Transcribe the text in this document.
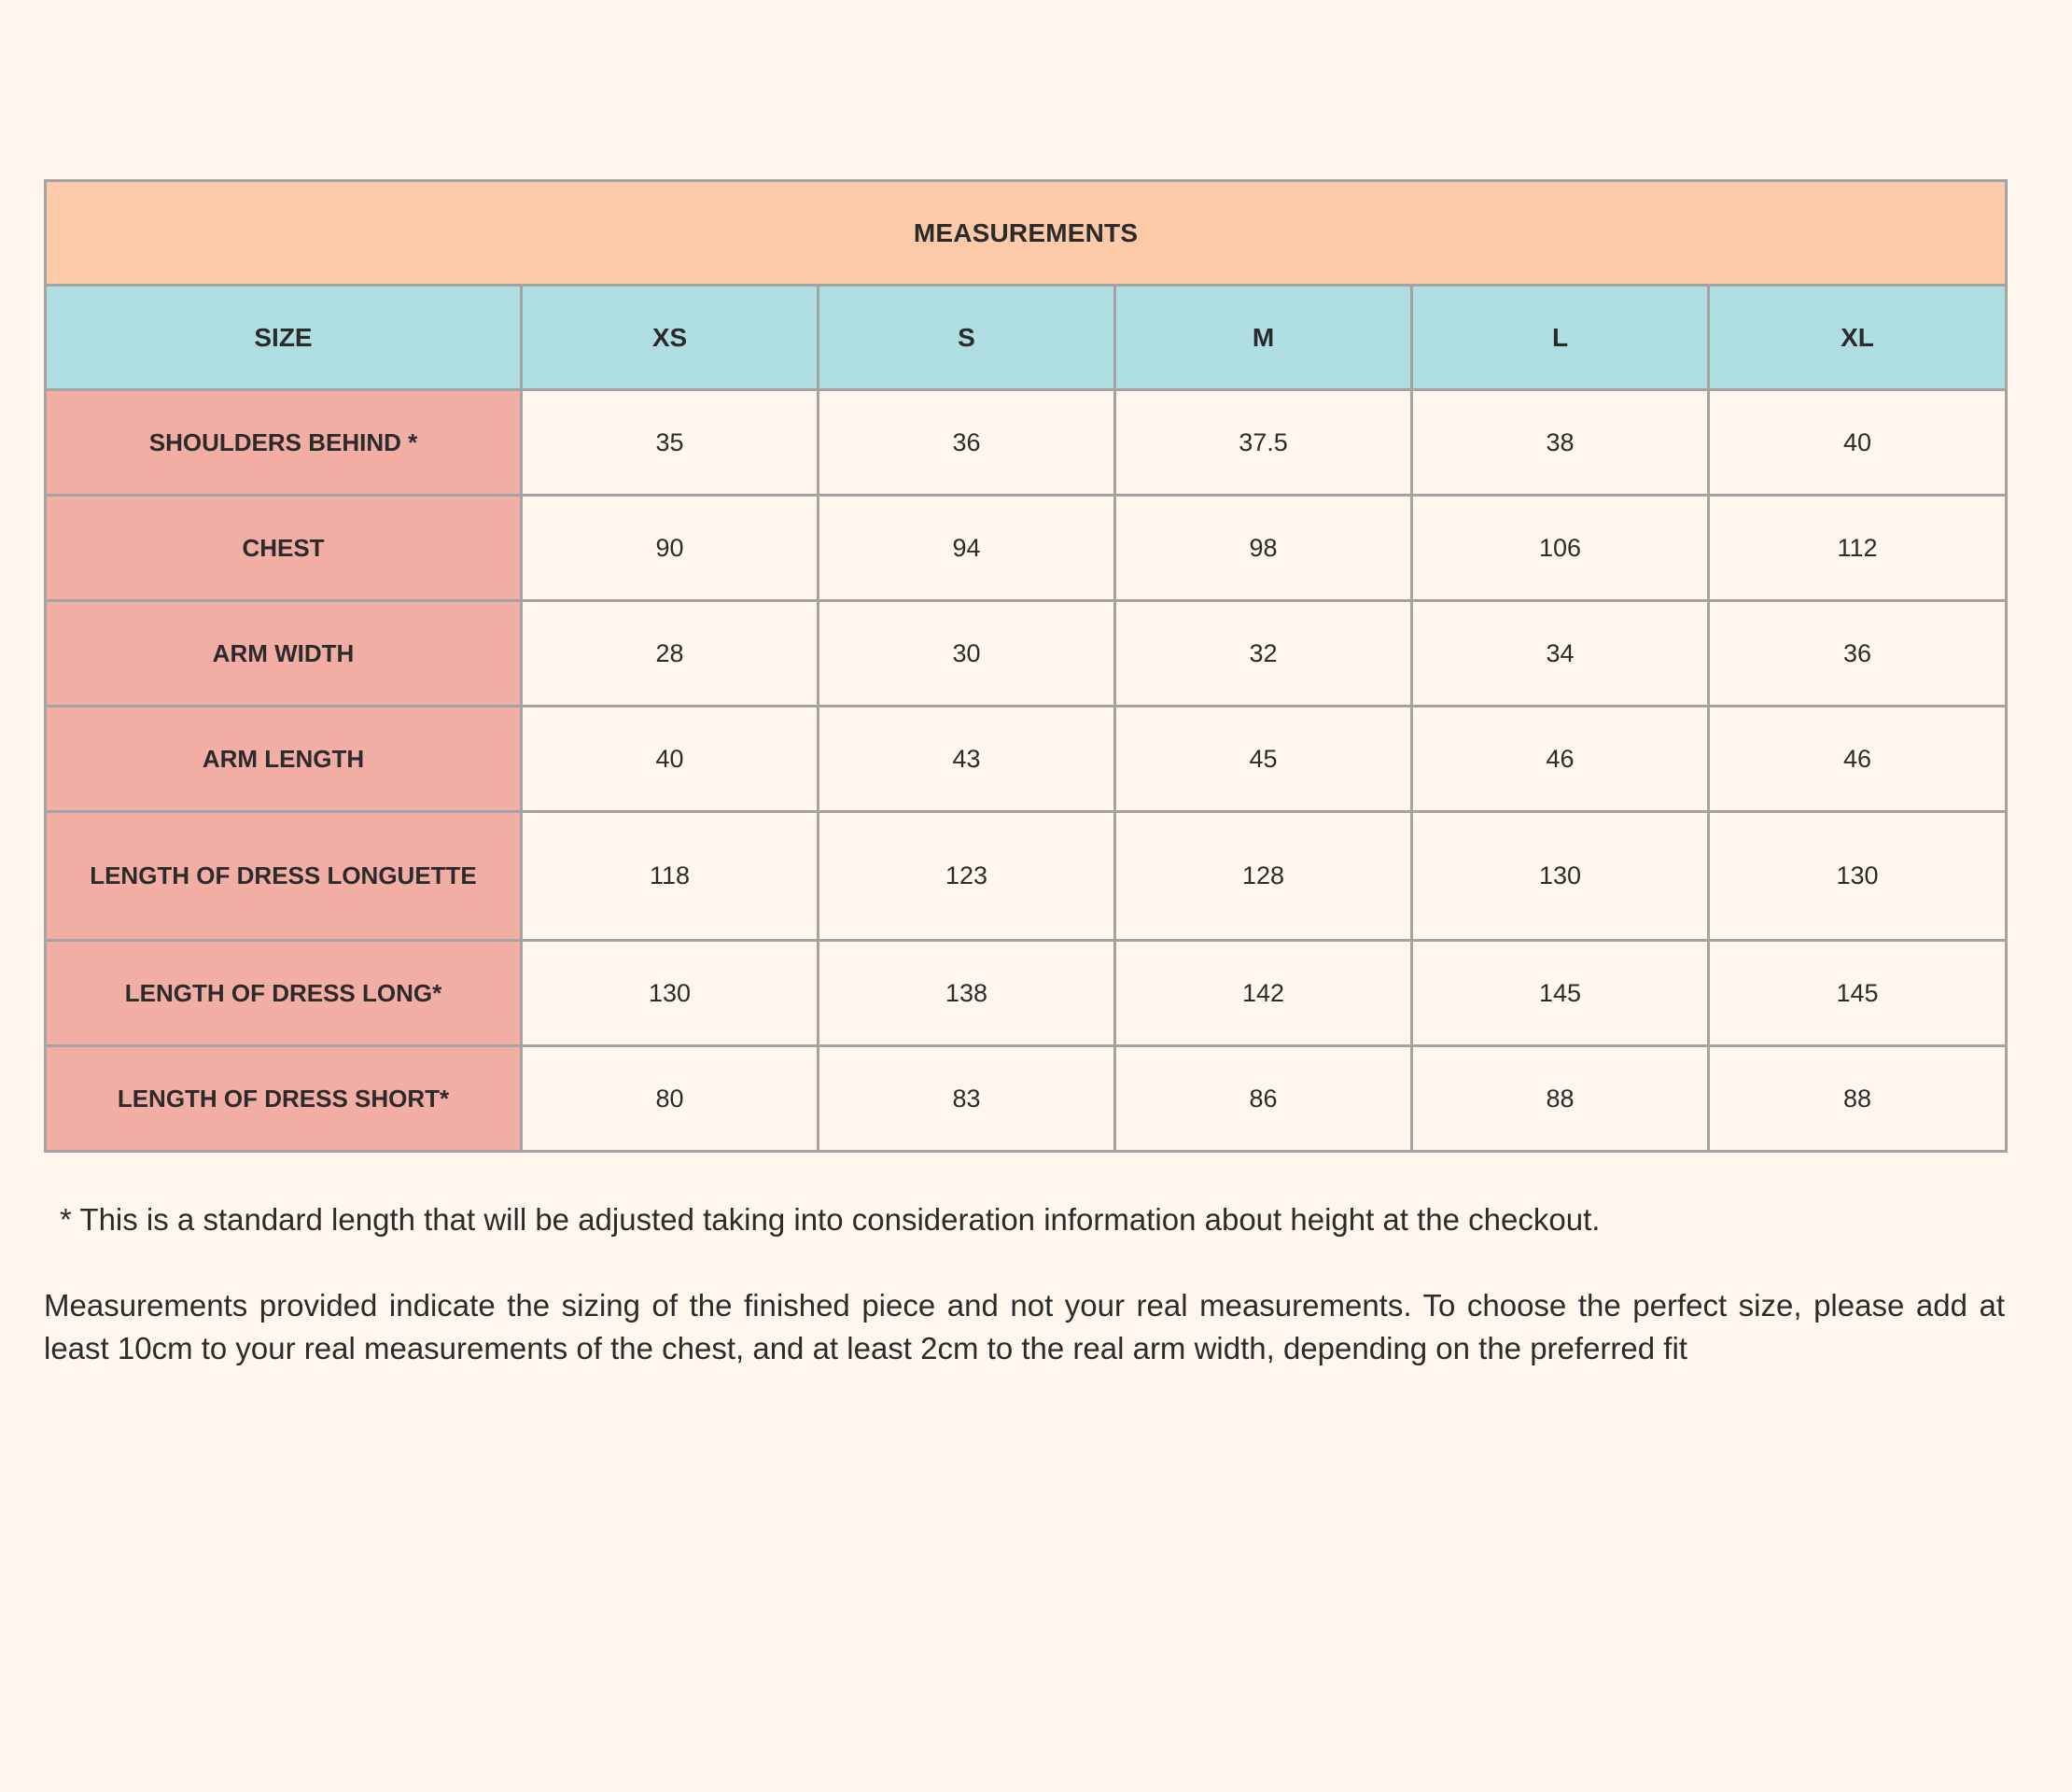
MEASUREMENTS					
SIZE	XS	S	M	L	XL
SHOULDERS BEHIND *	35	36	37.5	38	40
CHEST	90	94	98	106	112
ARM WIDTH	28	30	32	34	36
ARM LENGTH	40	43	45	46	46
LENGTH OF DRESS LONGUETTE	118	123	128	130	130
LENGTH OF DRESS LONG*	130	138	142	145	145
LENGTH OF DRESS SHORT*	80	83	86	88	88

* This is a standard length that will be adjusted taking into consideration information about height at the checkout.

Measurements provided indicate the sizing of the finished piece and not your real measurements. To choose the perfect size, please add at least 10cm to your real measurements of the chest, and at least 2cm to the real arm width, depending on the preferred fit
